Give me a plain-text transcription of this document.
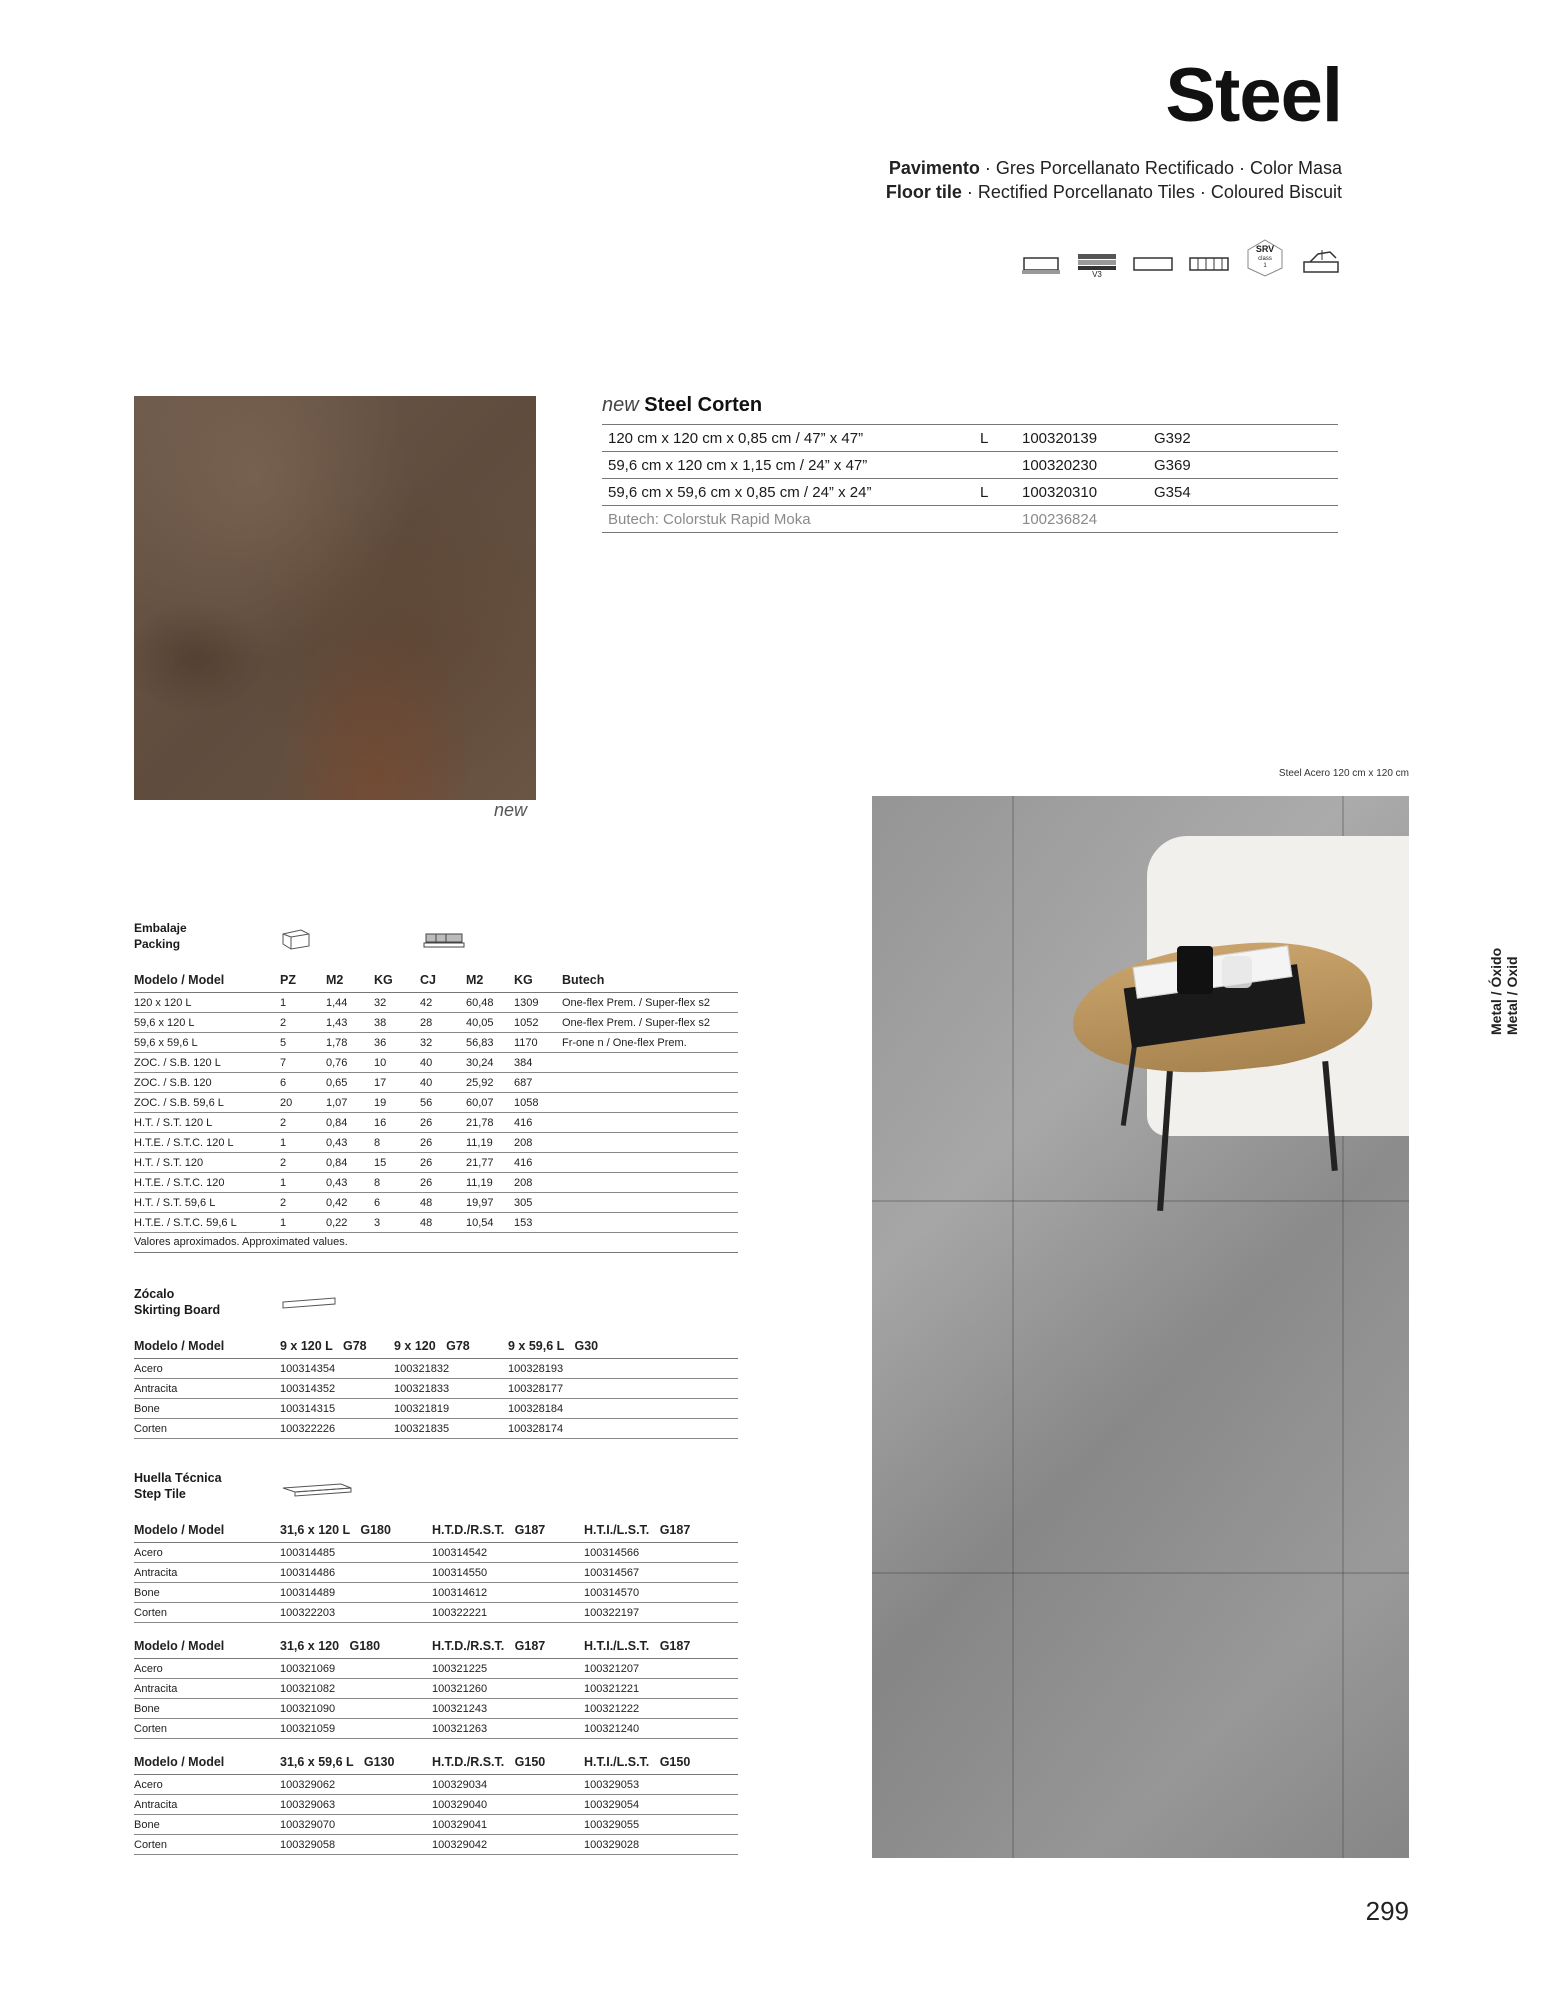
Steel
Pavimento · Gres Porcellanato Rectificado · Color Masa
Floor tile · Rectified Porcellanato Tiles · Coloured Biscuit
V3
SRV
class
1
new
new Steel Corten
120 cm x 120 cm x 0,85 cm / 47” x 47”	L	100320139	G392
59,6 cm x 120 cm x 1,15 cm / 24” x 47”		100320230	G369
59,6 cm x 59,6 cm x 0,85 cm / 24” x 24”	L	100320310	G354
Butech: Colorstuk Rapid Moka		100236824	
Steel Acero 120 cm x 120 cm
Metal / Óxido Metal / Oxid
Embalaje
Packing
Modelo / Model	PZ	M2	KG	CJ	M2	KG	Butech
120 x 120 L	1	1,44	32	42	60,48	1309	One-flex Prem. / Super-flex s2
59,6 x 120 L	2	1,43	38	28	40,05	1052	One-flex Prem. / Super-flex s2
59,6 x 59,6 L	5	1,78	36	32	56,83	1170	Fr-one n / One-flex Prem.
ZOC. / S.B. 120 L	7	0,76	10	40	30,24	384	
ZOC. / S.B. 120	6	0,65	17	40	25,92	687	
ZOC. / S.B. 59,6 L	20	1,07	19	56	60,07	1058	
H.T. / S.T. 120 L	2	0,84	16	26	21,78	416	
H.T.E. / S.T.C. 120 L	1	0,43	8	26	11,19	208	
H.T. / S.T. 120	2	0,84	15	26	21,77	416	
H.T.E. / S.T.C. 120	1	0,43	8	26	11,19	208	
H.T. / S.T. 59,6 L	2	0,42	6	48	19,97	305	
H.T.E. / S.T.C. 59,6 L	1	0,22	3	48	10,54	153	
Valores aproximados. Approximated values.
Zócalo
Skirting Board
Modelo / Model	9 x 120 L   G78	9 x 120   G78	9 x 59,6 L   G30
Acero	100314354	100321832	100328193
Antracita	100314352	100321833	100328177
Bone	100314315	100321819	100328184
Corten	100322226	100321835	100328174
Huella Técnica
Step Tile
Modelo / Model	31,6 x 120 L   G180	H.T.D./R.S.T.   G187	H.T.I./L.S.T.   G187
Acero	100314485	100314542	100314566
Antracita	100314486	100314550	100314567
Bone	100314489	100314612	100314570
Corten	100322203	100322221	100322197
Modelo / Model	31,6 x 120   G180	H.T.D./R.S.T.   G187	H.T.I./L.S.T.   G187
Acero	100321069	100321225	100321207
Antracita	100321082	100321260	100321221
Bone	100321090	100321243	100321222
Corten	100321059	100321263	100321240
Modelo / Model	31,6 x 59,6 L   G130	H.T.D./R.S.T.   G150	H.T.I./L.S.T.   G150
Acero	100329062	100329034	100329053
Antracita	100329063	100329040	100329054
Bone	100329070	100329041	100329055
Corten	100329058	100329042	100329028
299
